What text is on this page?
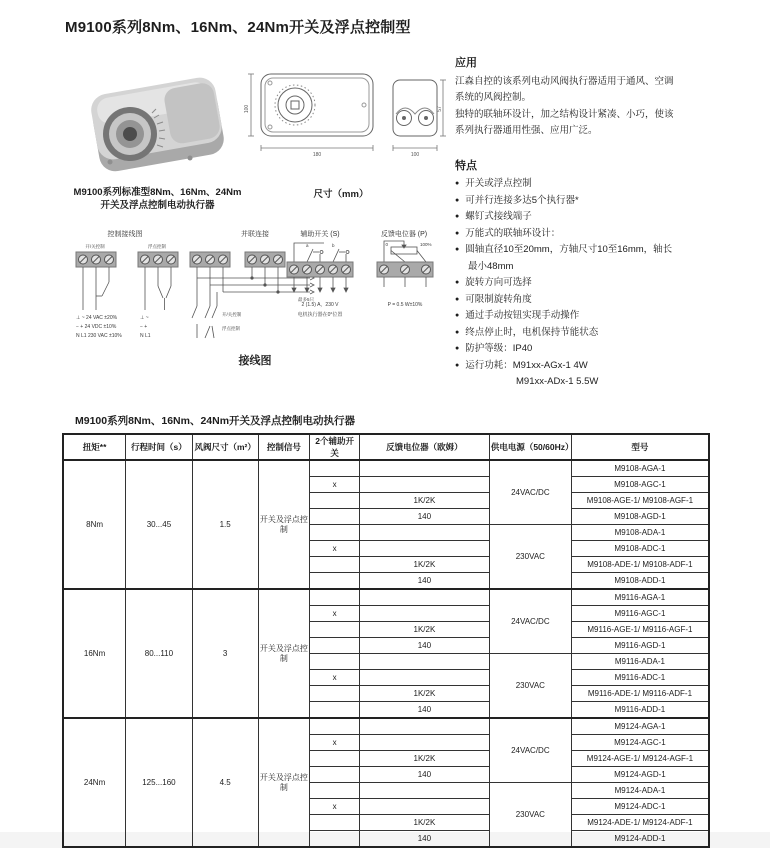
M9100系列8Nm、16Nm、24Nm开关及浮点控制型
100
180
57
100
M9100系列标准型8Nm、16Nm、24Nm
开关及浮点控制电动执行器
尺寸（mm）
控制接线图
开/关控制	浮点控制
⊥ ~ 24 VAC ±20%
− + 24 VDC ±10%
N L1 230 VAC ±10%
⊥ ~
− +
N L1
并联连接
最多5只
开/关控制
浮点控制
辅助开关 (S)
a	b
2 (1.5) A，230 V
电机执行器在0°位置
反馈电位器 (P)
0	100%
P = 0.5 W±10%
接线图

应用

江森自控的该系列电动风阀执行器适用于通风、空调
系统的风阀控制。
独特的联轴环设计，加之结构设计紧凑、小巧，使该
系列执行器通用性强、应用广泛。

特点

● 开关或浮点控制
● 可并行连接多达5个执行器*
● 螺钉式接线端子
● 万能式的联轴环设计：
● 圆轴直径10至20mm，方轴尺寸10至16mm，轴长
最小48mm
● 旋转方向可选择
● 可限制旋转角度
● 通过手动按钮实现手动操作
● 终点停止时，电机保持节能状态
● 防护等级：IP40
● 运行功耗：M91xx-AGx-1 4W
M91xx-ADx-1 5.5W
M9100系列8Nm、16Nm、24Nm开关及浮点控制电动执行器
扭矩**	行程时间（s）	风阀尺寸（m²）	控制信号	2个辅助开关	反馈电位器（欧姆）	供电电源（50/60Hz）	型号
8Nm	30...45	1.5	开关及浮点控制			24VAC/DC	M9108-AGA-1
				x			M9108-AGC-1
					1K/2K		M9108-AGE-1/ M9108-AGF-1
					140		M9108-AGD-1
						230VAC	M9108-ADA-1
				x			M9108-ADC-1
					1K/2K		M9108-ADE-1/ M9108-ADF-1
					140		M9108-ADD-1
16Nm	80...110	3	开关及浮点控制			24VAC/DC	M9116-AGA-1
				x			M9116-AGC-1
					1K/2K		M9116-AGE-1/ M9116-AGF-1
					140		M9116-AGD-1
						230VAC	M9116-ADA-1
				x			M9116-ADC-1
					1K/2K		M9116-ADE-1/ M9116-ADF-1
					140		M9116-ADD-1
24Nm	125...160	4.5	开关及浮点控制			24VAC/DC	M9124-AGA-1
				x			M9124-AGC-1
					1K/2K		M9124-AGE-1/ M9124-AGF-1
					140		M9124-AGD-1
						230VAC	M9124-ADA-1
				x			M9124-ADC-1
					1K/2K		M9124-ADE-1/ M9124-ADF-1
					140		M9124-ADD-1
